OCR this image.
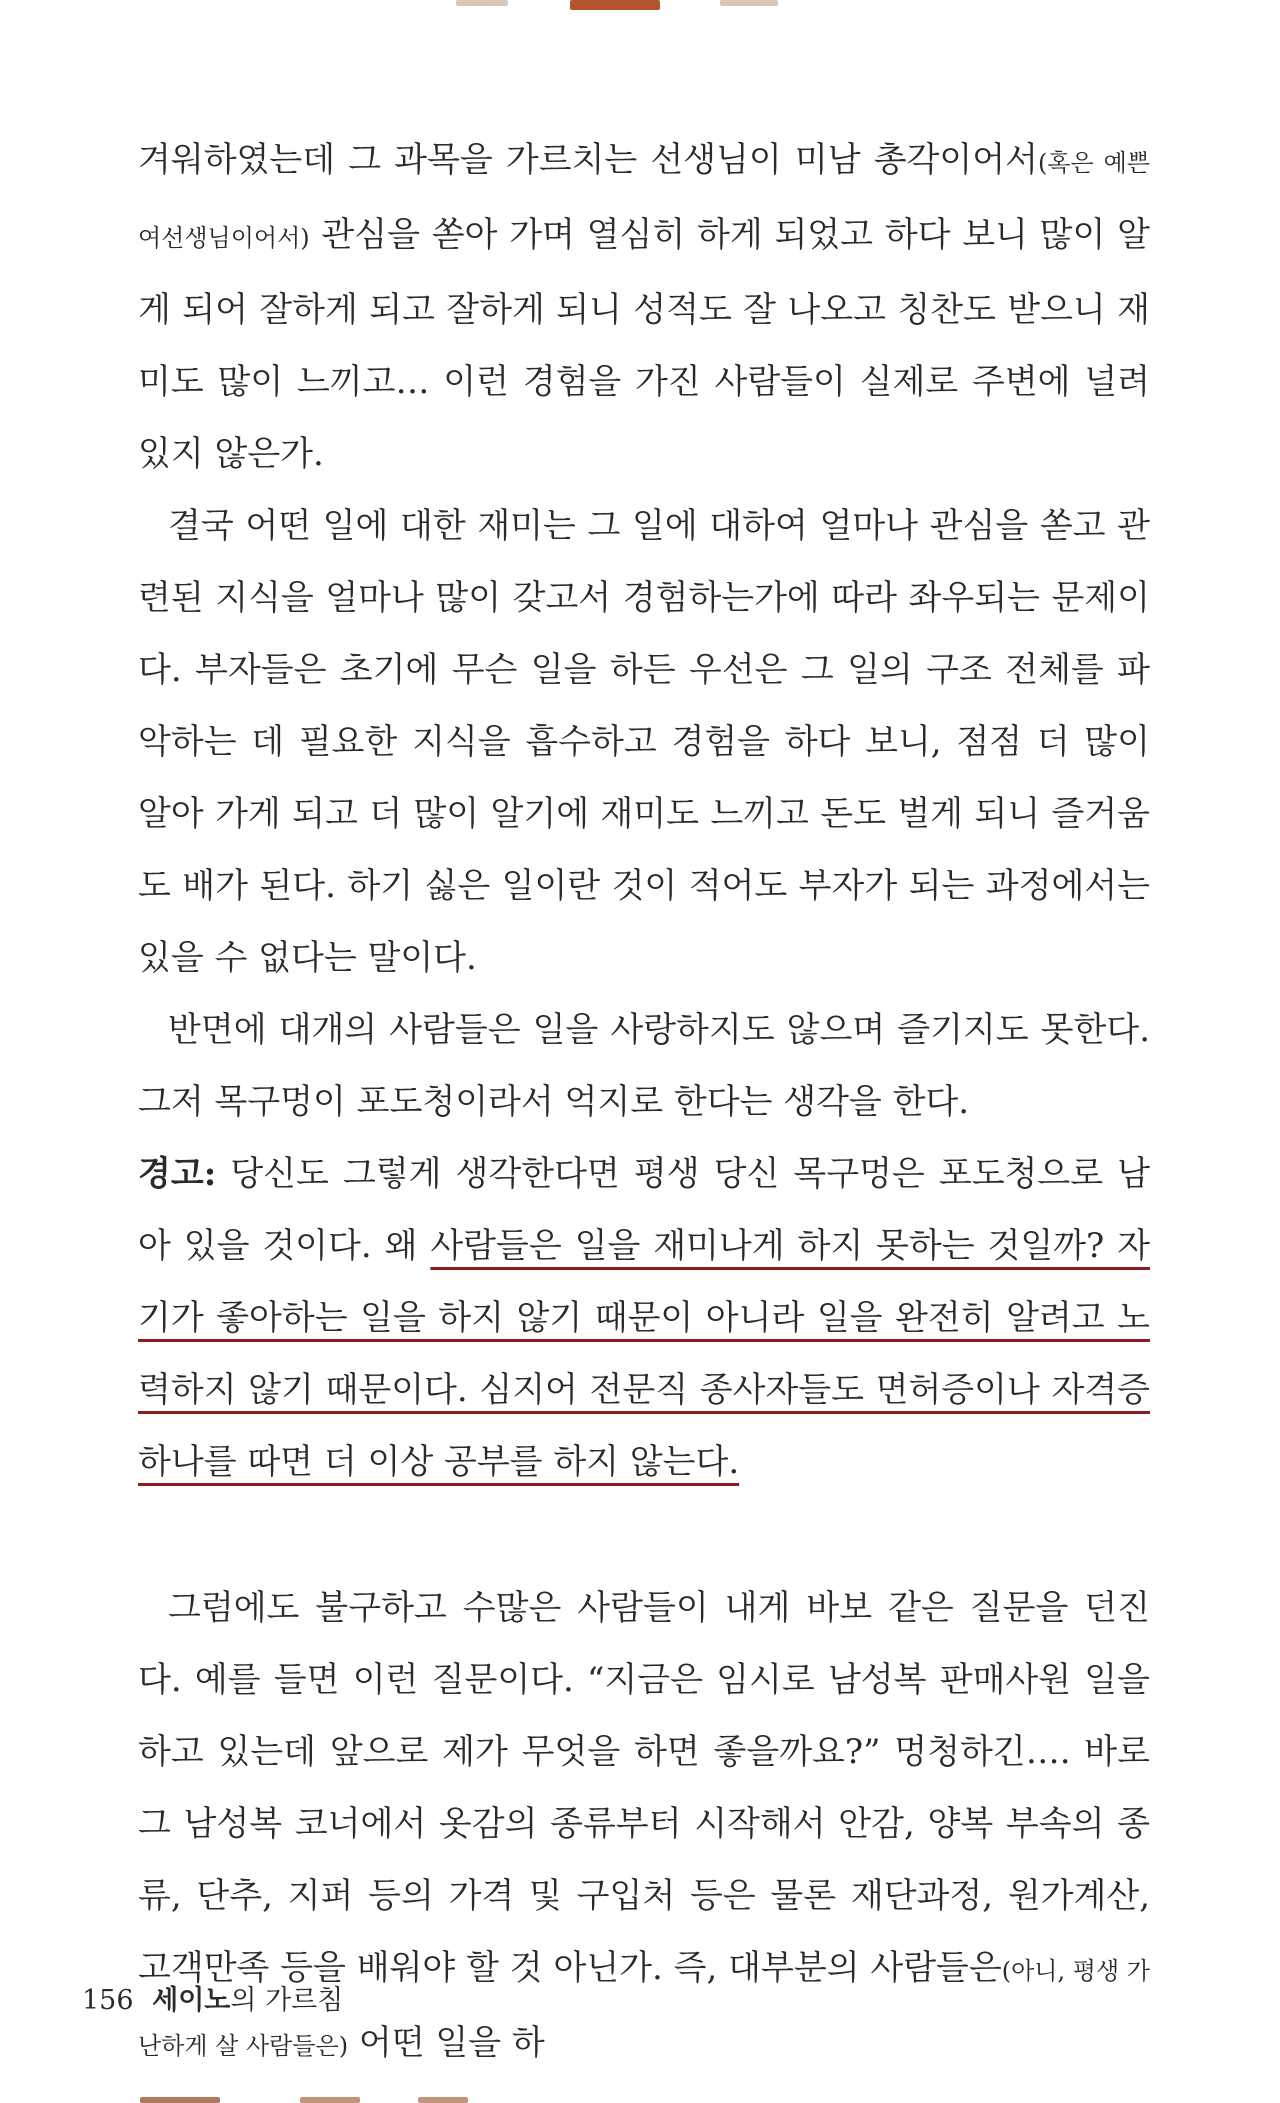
겨워하였는데 그 과목을 가르치는 선생님이 미남 총각이어서(혹은 예쁜 여선생님이어서) 관심을 쏟아 가며 열심히 하게 되었고 하다 보니 많이 알게 되어 잘하게 되고 잘하게 되니 성적도 잘 나오고 칭찬도 받으니 재미도 많이 느끼고… 이런 경험을 가진 사람들이 실제로 주변에 널려 있지 않은가.

결국 어떤 일에 대한 재미는 그 일에 대하여 얼마나 관심을 쏟고 관련된 지식을 얼마나 많이 갖고서 경험하는가에 따라 좌우되는 문제이다. 부자들은 초기에 무슨 일을 하든 우선은 그 일의 구조 전체를 파악하는 데 필요한 지식을 흡수하고 경험을 하다 보니, 점점 더 많이 알아 가게 되고 더 많이 알기에 재미도 느끼고 돈도 벌게 되니 즐거움도 배가 된다. 하기 싫은 일이란 것이 적어도 부자가 되는 과정에서는 있을 수 없다는 말이다.

반면에 대개의 사람들은 일을 사랑하지도 않으며 즐기지도 못한다. 그저 목구멍이 포도청이라서 억지로 한다는 생각을 한다.

경고: 당신도 그렇게 생각한다면 평생 당신 목구멍은 포도청으로 남아 있을 것이다. 왜 사람들은 일을 재미나게 하지 못하는 것일까? 자기가 좋아하는 일을 하지 않기 때문이 아니라 일을 완전히 알려고 노력하지 않기 때문이다. 심지어 전문직 종사자들도 면허증이나 자격증 하나를 따면 더 이상 공부를 하지 않는다.

그럼에도 불구하고 수많은 사람들이 내게 바보 같은 질문을 던진다. 예를 들면 이런 질문이다. “지금은 임시로 남성복 판매사원 일을 하고 있는데 앞으로 제가 무엇을 하면 좋을까요?” 멍청하긴…. 바로 그 남성복 코너에서 옷감의 종류부터 시작해서 안감, 양복 부속의 종류, 단추, 지퍼 등의 가격 및 구입처 등은 물론 재단과정, 원가계산, 고객만족 등을 배워야 할 것 아닌가. 즉, 대부분의 사람들은(아니, 평생 가난하게 살 사람들은) 어떤 일을 하

156 세이노의 가르침
